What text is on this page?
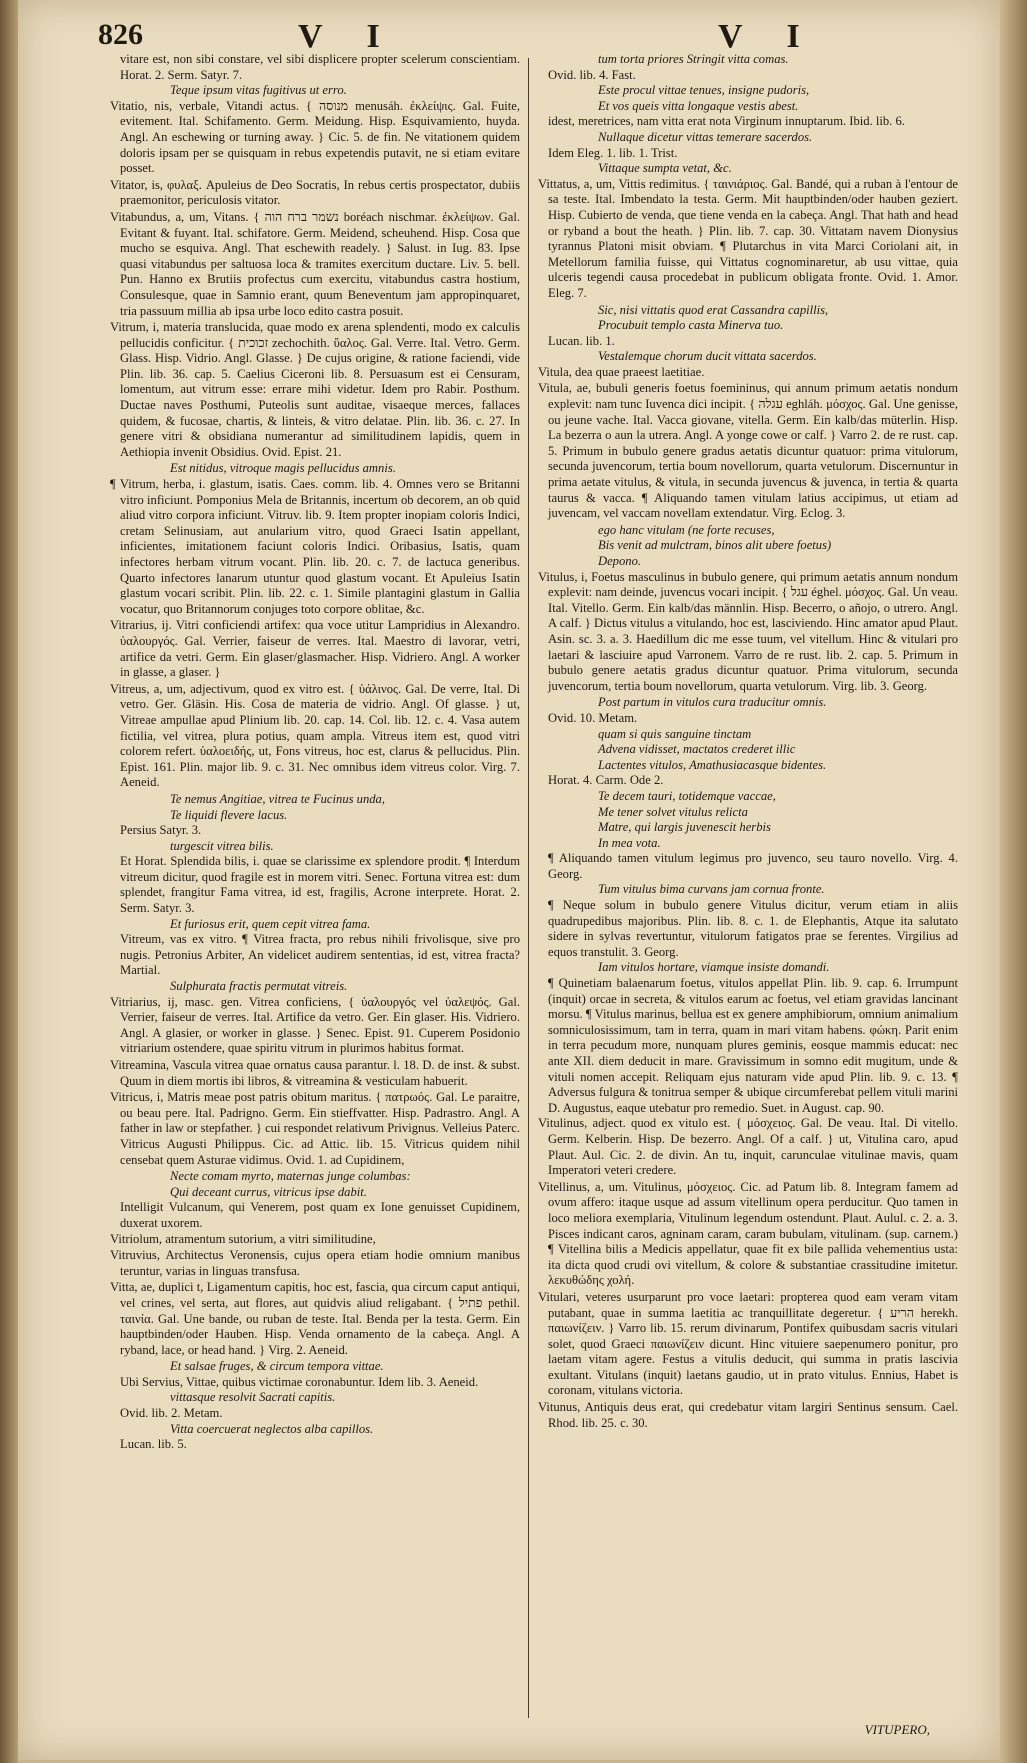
826	V I	V I
vitare est, non sibi constare, vel sibi displicere propter scelerum conscientiam. Horat. 2. Serm. Satyr. 7.
Teque ipsum vitas fugitivus ut erro.
Vitatio, nis, verbale, Vitandi actus. { מנוסה menusáh. ἐκλείψις. Gal. Fuite, evitement. Ital. Schifamento. Germ. Meidung. Hisp. Esquivamiento, huyda. Angl. An eschewing or turning away. } Cic. 5. de fin. Ne vitationem quidem doloris ipsam per se quisquam in rebus expetendis putavit, ne si etiam evitare posset.
Vitator, is, φυλαξ. Apuleius de Deo Socratis, In rebus certis prospectator, dubiis praemonitor, periculosis vitator.
Vitabundus, a, um, Vitans. { נשמר ברח הוה boréach nischmar. ἐκλείψων. Gal. Evitant & fuyant. Ital. schifatore. Germ. Meidend, scheuhend. Hisp. Cosa que mucho se esquiva. Angl. That eschewith readely. } Salust. in Iug. 83. Ipse quasi vitabundus per saltuosa loca & tramites exercitum ductare. Liv. 5. bell. Pun. Hanno ex Brutiis profectus cum exercitu, vitabundus castra hostium, Consulesque, quae in Samnio erant, quum Beneventum jam appropinquaret, tria passuum millia ab ipsa urbe loco edito castra posuit.
Vitrum, i, materia translucida, quae modo ex arena splendenti, modo ex calculis pellucidis conficitur. { זכוכית zechochith. ὕαλος. Gal. Verre. Ital. Vetro. Germ. Glass. Hisp. Vidrio. Angl. Glasse. } De cujus origine, & ratione faciendi, vide Plin. lib. 36. cap. 5. Caelius Ciceroni lib. 8. Persuasum est ei Censuram, lomentum, aut vitrum esse: errare mihi videtur. Idem pro Rabir. Posthum. Ductae naves Posthumi, Puteolis sunt auditae, visaeque merces, fallaces quidem, & fucosae, chartis, & linteis, & vitro delatae. Plin. lib. 36. c. 27. In genere vitri & obsidiana numerantur ad similitudinem lapidis, quem in Aethiopia invenit Obsidius. Ovid. Epist. 21.
Est nitidus, vitroque magis pellucidus amnis.
¶ Vitrum, herba, i. glastum, isatis. Caes. comm. lib. 4. Omnes vero se Britanni vitro inficiunt. Pomponius Mela de Britannis, incertum ob decorem, an ob quid aliud vitro corpora inficiunt. Vitruv. lib. 9. Item propter inopiam coloris Indici, cretam Selinusiam, aut anularium vitro, quod Graeci Isatin appellant, inficientes, imitationem faciunt coloris Indici. Oribasius, Isatis, quam infectores herbam vitrum vocant. Plin. lib. 20. c. 7. de lactuca generibus. Quarto infectores lanarum utuntur quod glastum vocant. Et Apuleius Isatin glastum vocari scribit. Plin. lib. 22. c. 1. Simile plantagini glastum in Gallia vocatur, quo Britannorum conjuges toto corpore oblitae, &c.
Vitrarius, ij. Vitri conficiendi artifex: qua voce utitur Lampridius in Alexandro. ὑαλουργός. Gal. Verrier, faiseur de verres. Ital. Maestro di lavorar, vetri, artifice da vetri. Germ. Ein glaser/glasmacher. Hisp. Vidriero. Angl. A worker in glasse, a glaser. }
Vitreus, a, um, adjectivum, quod ex vitro est. { ὑάλινος. Gal. De verre, Ital. Di vetro. Ger. Gläsin. His. Cosa de materia de vidrio. Angl. Of glasse. } ut, Vitreae ampullae apud Plinium lib. 20. cap. 14. Col. lib. 12. c. 4. Vasa autem fictilia, vel vitrea, plura potius, quam ampla. Vitreus item est, quod vitri colorem refert. ὑαλοειδής, ut, Fons vitreus, hoc est, clarus & pellucidus. Plin. Epist. 161. Plin. major lib. 9. c. 31. Nec omnibus idem vitreus color. Virg. 7. Aeneid.
Te nemus Angitiae, vitrea te Fucinus unda,
Te liquidi flevere lacus.
Persius Satyr. 3.
turgescit vitrea bilis.
Et Horat. Splendida bilis, i. quae se clarissime ex splendore prodit. ¶ Interdum vitreum dicitur, quod fragile est in morem vitri. Senec. Fortuna vitrea est: dum splendet, frangitur Fama vitrea, id est, fragilis, Acrone interprete. Horat. 2. Serm. Satyr. 3.
Et furiosus erit, quem cepit vitrea fama.
Vitreum, vas ex vitro. ¶ Vitrea fracta, pro rebus nihili frivolisque, sive pro nugis. Petronius Arbiter, An videlicet audirem sententias, id est, vitrea fracta? Martial.
Sulphurata fractis permutat vitreis.
Vitriarius, ij, masc. gen. Vitrea conficiens, { ὑαλουργός vel ὑαλεψός. Gal. Verrier, faiseur de verres. Ital. Artifice da vetro. Ger. Ein glaser. His. Vidriero. Angl. A glasier, or worker in glasse. } Senec. Epist. 91. Cuperem Posidonio vitriarium ostendere, quae spiritu vitrum in plurimos habitus format.
Vitreamina, Vascula vitrea quae ornatus causa parantur. l. 18. D. de inst. & subst. Quum in diem mortis ibi libros, & vitreamina & vesticulam habuerit.
Vitricus, i, Matris meae post patris obitum maritus. { πατρωός. Gal. Le paraitre, ou beau pere. Ital. Padrigno. Germ. Ein stieffvatter. Hisp. Padrastro. Angl. A father in law or stepfather. } cui respondet relativum Privignus. Velleius Paterc. Vitricus Augusti Philippus. Cic. ad Attic. lib. 15. Vitricus quidem nihil censebat quem Asturae vidimus. Ovid. 1. ad Cupidinem,
Necte comam myrto, maternas junge columbas:
Qui deceant currus, vitricus ipse dabit.
Intelligit Vulcanum, qui Venerem, post quam ex Ione genuisset Cupidinem, duxerat uxorem.
Vitriolum, atramentum sutorium, a vitri similitudine,
Vitruvius, Architectus Veronensis, cujus opera etiam hodie omnium manibus teruntur, varias in linguas transfusa.
Vitta, ae, duplici t, Ligamentum capitis, hoc est, fascia, qua circum caput antiqui, vel crines, vel serta, aut flores, aut quidvis aliud religabant. { פתיל pethil. ταινία. Gal. Une bande, ou ruban de teste. Ital. Benda per la testa. Germ. Ein hauptbinden/oder Hauben. Hisp. Venda ornamento de la cabeça. Angl. A ryband, lace, or head hand. } Virg. 2. Aeneid.
Et salsae fruges, & circum tempora vittae.
Ubi Servius, Vittae, quibus victimae coronabuntur. Idem lib. 3. Aeneid.
vittasque resolvit Sacrati capitis.
Ovid. lib. 2. Metam.
Vitta coercuerat neglectos alba capillos.
Lucan. lib. 5.
tum torta priores Stringit vitta comas.
Ovid. lib. 4. Fast.
Este procul vittae tenues, insigne pudoris,
Et vos queis vitta longaque vestis abest.
idest, meretrices, nam vitta erat nota Virginum innuptarum. Ibid. lib. 6.
Nullaque dicetur vittas temerare sacerdos.
Idem Eleg. 1. lib. 1. Trist.
Vittaque sumpta vetat, &c.
Vittatus, a, um, Vittis redimitus. { ταινιάριος. Gal. Bandé, qui a ruban à l'entour de sa teste. Ital. Imbendato la testa. Germ. Mit hauptbinden/oder hauben geziert. Hisp. Cubierto de venda, que tiene venda en la cabeça. Angl. That hath and head or ryband a bout the heath. } Plin. lib. 7. cap. 30. Vittatam navem Dionysius tyrannus Platoni misit obviam. ¶ Plutarchus in vita Marci Coriolani ait, in Metellorum familia fuisse, qui Vittatus cognominaretur, ab usu vittae, quia ulceris tegendi causa procedebat in publicum obligata fronte. Ovid. 1. Amor. Eleg. 7.
Sic, nisi vittatis quod erat Cassandra capillis,
Procubuit templo casta Minerva tuo.
Lucan. lib. 1.
Vestalemque chorum ducit vittata sacerdos.
Vitula, dea quae praeest laetitiae.
Vitula, ae, bubuli generis foetus foemininus, qui annum primum aetatis nondum explevit: nam tunc Iuvenca dici incipit. { עגלה eghláh. μόσχος. Gal. Une genisse, ou jeune vache. Ital. Vacca giovane, vitella. Germ. Ein kalb/das müterlin. Hisp. La bezerra o aun la utrera. Angl. A yonge cowe or calf. } Varro 2. de re rust. cap. 5. Primum in bubulo genere gradus aetatis dicuntur quatuor: prima vitulorum, secunda juvencorum, tertia boum novellorum, quarta vetulorum. Discernuntur in prima aetate vitulus, & vitula, in secunda juvencus & juvenca, in tertia & quarta taurus & vacca. ¶ Aliquando tamen vitulam latius accipimus, ut etiam ad juvencam, vel vaccam novellam extendatur. Virg. Eclog. 3.
ego hanc vitulam (ne forte recuses,
Bis venit ad mulctram, binos alit ubere foetus)
Depono.
Vitulus, i, Foetus masculinus in bubulo genere, qui primum aetatis annum nondum explevit: nam deinde, juvencus vocari incipit. { עגל éghel. μόσχος. Gal. Un veau. Ital. Vitello. Germ. Ein kalb/das männlin. Hisp. Becerro, o añojo, o utrero. Angl. A calf. } Dictus vitulus a vitulando, hoc est, lasciviendo. Hinc amator apud Plaut. Asin. sc. 3. a. 3. Haedillum dic me esse tuum, vel vitellum. Hinc & vitulari pro laetari & lasciuire apud Varronem. Varro de re rust. lib. 2. cap. 5. Primum in bubulo genere aetatis gradus dicuntur quatuor. Prima vitulorum, secunda juvencorum, tertia boum novellorum, quarta vetulorum. Virg. lib. 3. Georg.
Post partum in vitulos cura traducitur omnis.
Ovid. 10. Metam.
quam si quis sanguine tinctam
Advena vidisset, mactatos crederet illic
Lactentes vitulos, Amathusiacasque bidentes.
Horat. 4. Carm. Ode 2.
Te decem tauri, totidemque vaccae,
Me tener solvet vitulus relicta
Matre, qui largis juvenescit herbis
In mea vota.
¶ Aliquando tamen vitulum legimus pro juvenco, seu tauro novello. Virg. 4. Georg.
Tum vitulus bima curvans jam cornua fronte.
¶ Neque solum in bubulo genere Vitulus dicitur, verum etiam in aliis quadrupedibus majoribus. Plin. lib. 8. c. 1. de Elephantis, Atque ita salutato sidere in sylvas revertuntur, vitulorum fatigatos prae se ferentes. Virgilius ad equos transtulit. 3. Georg.
Iam vitulos hortare, viamque insiste domandi.
¶ Quinetiam balaenarum foetus, vitulos appellat Plin. lib. 9. cap. 6. Irrumpunt (inquit) orcae in secreta, & vitulos earum ac foetus, vel etiam gravidas lancinant morsu. ¶ Vitulus marinus, bellua est ex genere amphibiorum, omnium animalium somniculosissimum, tam in terra, quam in mari vitam habens. φώκη. Parit enim in terra pecudum more, nunquam plures geminis, eosque mammis educat: nec ante XII. diem deducit in mare. Gravissimum in somno edit mugitum, unde & vituli nomen accepit. Reliquam ejus naturam vide apud Plin. lib. 9. c. 13. ¶ Adversus fulgura & tonitrua semper & ubique circumferebat pellem vituli marini D. Augustus, eaque utebatur pro remedio. Suet. in August. cap. 90.
Vitulinus, adject. quod ex vitulo est. { μόσχειος. Gal. De veau. Ital. Di vitello. Germ. Kelberin. Hisp. De bezerro. Angl. Of a calf. } ut, Vitulina caro, apud Plaut. Aul. Cic. 2. de divin. An tu, inquit, carunculae vitulinae mavis, quam Imperatori veteri credere.
Vitellinus, a, um. Vitulinus, μόσχειος. Cic. ad Patum lib. 8. Integram famem ad ovum affero: itaque usque ad assum vitellinum opera perducitur. Quo tamen in loco meliora exemplaria, Vitulinum legendum ostendunt. Plaut. Aulul. c. 2. a. 3. Pisces indicant caros, agninam caram, caram bubulam, vitulinam. (sup. carnem.) ¶ Vitellina bilis a Medicis appellatur, quae fit ex bile pallida vehementius usta: ita dicta quod crudi ovi vitellum, & colore & substantiae crassitudine imitetur. λεκυθώδης χολή.
Vitulari, veteres usurparunt pro voce laetari: propterea quod eam veram vitam putabant, quae in summa laetitia ac tranquillitate degeretur. { הריע herekh. παιωνίζειν. } Varro lib. 15. rerum divinarum, Pontifex quibusdam sacris vitulari solet, quod Graeci παιωνίζειν dicunt. Hinc vituiere saepenumero ponitur, pro laetam vitam agere. Festus a vitulis deducit, qui summa in pratis lascivia exultant. Vitulans (inquit) laetans gaudio, ut in prato vitulus. Ennius, Habet is coronam, vitulans victoria.
Vitunus, Antiquis deus erat, qui credebatur vitam largiri Sentinus sensum. Cael. Rhod. lib. 25. c. 30.
VITUPERO,
